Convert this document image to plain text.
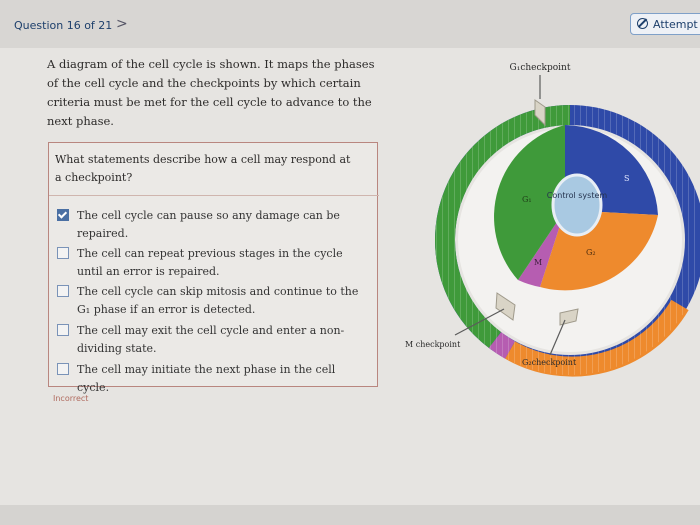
Question 16 of 21 >	Attempt
A diagram of the cell cycle is shown. It maps the phases of the cell cycle and the checkpoints by which certain criteria must be met for the cell cycle to advance to the next phase.
What statements describe how a cell may respond at a checkpoint?
The cell cycle can pause so any damage can be repaired.
The cell can repeat previous stages in the cycle until an error is repaired.
The cell cycle can skip mitosis and continue to the G₁ phase if an error is detected.
The cell may exit the cell cycle and enter a non-dividing state.
The cell may initiate the next phase in the cell cycle.
Incorrect
Control system
G₁
G₂
S
M
G₁checkpoint
M checkpoint
G₂checkpoint
